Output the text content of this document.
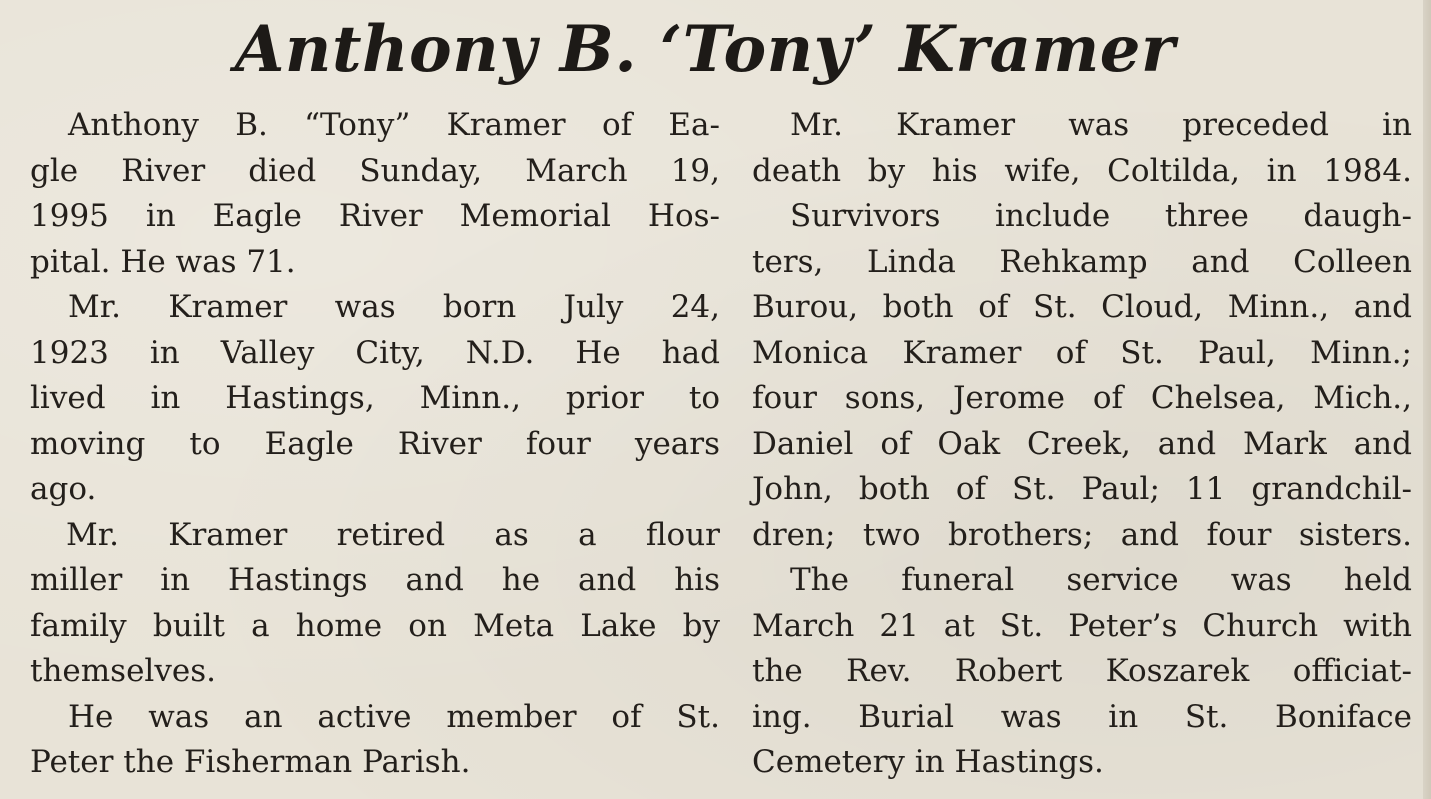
Anthony B. ‘Tony’ Kramer
Anthony B. “Tony” Kramer of Ea-
gle River died Sunday, March 19,
1995 in Eagle River Memorial Hos-
pital. He was 71.
Mr. Kramer was born July 24,
1923 in Valley City, N.D. He had
lived in Hastings, Minn., prior to
moving to Eagle River four years
ago.
Mr. Kramer retired as a flour
miller in Hastings and he and his
family built a home on Meta Lake by
themselves.
He was an active member of St.
Peter the Fisherman Parish.
Mr. Kramer was preceded in
death by his wife, Coltilda, in 1984.
Survivors include three daugh-
ters, Linda Rehkamp and Colleen
Burou, both of St. Cloud, Minn., and
Monica Kramer of St. Paul, Minn.;
four sons, Jerome of Chelsea, Mich.,
Daniel of Oak Creek, and Mark and
John, both of St. Paul; 11 grandchil-
dren; two brothers; and four sisters.
The funeral service was held
March 21 at St. Peter’s Church with
the Rev. Robert Koszarek officiat-
ing. Burial was in St. Boniface
Cemetery in Hastings.
